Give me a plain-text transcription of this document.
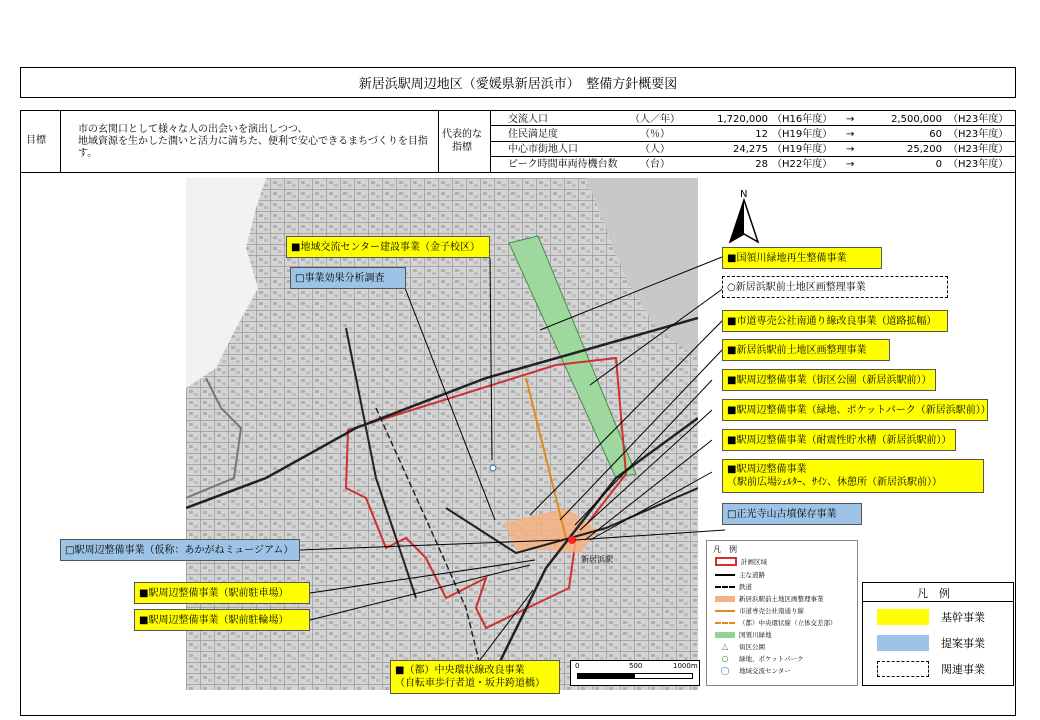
新居浜駅周辺地区（愛媛県新居浜市）　整備方針概要図
目標
市の玄関口として様々な人の出会いを演出しつつ、
地域資源を生かした潤いと活力に満ちた、便利で安心できるまちづくりを目指
す。
代表的な
指標
交流人口	（人／年）	1,720,000 （H16年度） →	2,500,000 （H23年度）
住民満足度	（％）	12 （H19年度） →	60 （H23年度）
中心市街地人口	（人）	24,275 （H19年度） →	25,200 （H23年度）
ピーク時間車両待機台数 （台）	28 （H22年度） →	0 （H23年度）
新居浜駅
N
0	500	1000m
■地域交流センター建設事業（金子校区）
□事業効果分析調査
■国領川緑地再生整備事業
○新居浜駅前土地区画整理事業
■市道専売公社南通り線改良事業（道路拡幅）
■新居浜駅前土地区画整理事業
■駅周辺整備事業（街区公園（新居浜駅前））
■駅周辺整備事業（緑地、ポケットパーク（新居浜駅前））
■駅周辺整備事業（耐震性貯水槽（新居浜駅前））
■駅周辺整備事業
（駅前広場ｼｪﾙﾀｰ、ｻｲﾝ、休憩所（新居浜駅前））
□正光寺山古墳保存事業
□駅周辺整備事業（仮称：あかがねミュージアム）
■駅周辺整備事業（駅前駐車場）
■駅周辺整備事業（駅前駐輪場）
■（都）中央環状線改良事業
（自転車歩行者道・坂井跨道橋）
凡　例
計画区域
主な道路
鉄道
新居浜駅前土地区画整理事業
市道専売公社南通り線
（都）中央環状線（立体交差部）
国領川緑地
△	街区公園
○	緑地、ポケットパーク
◯	地域交流センター
凡　例
基幹事業
提案事業
関連事業
